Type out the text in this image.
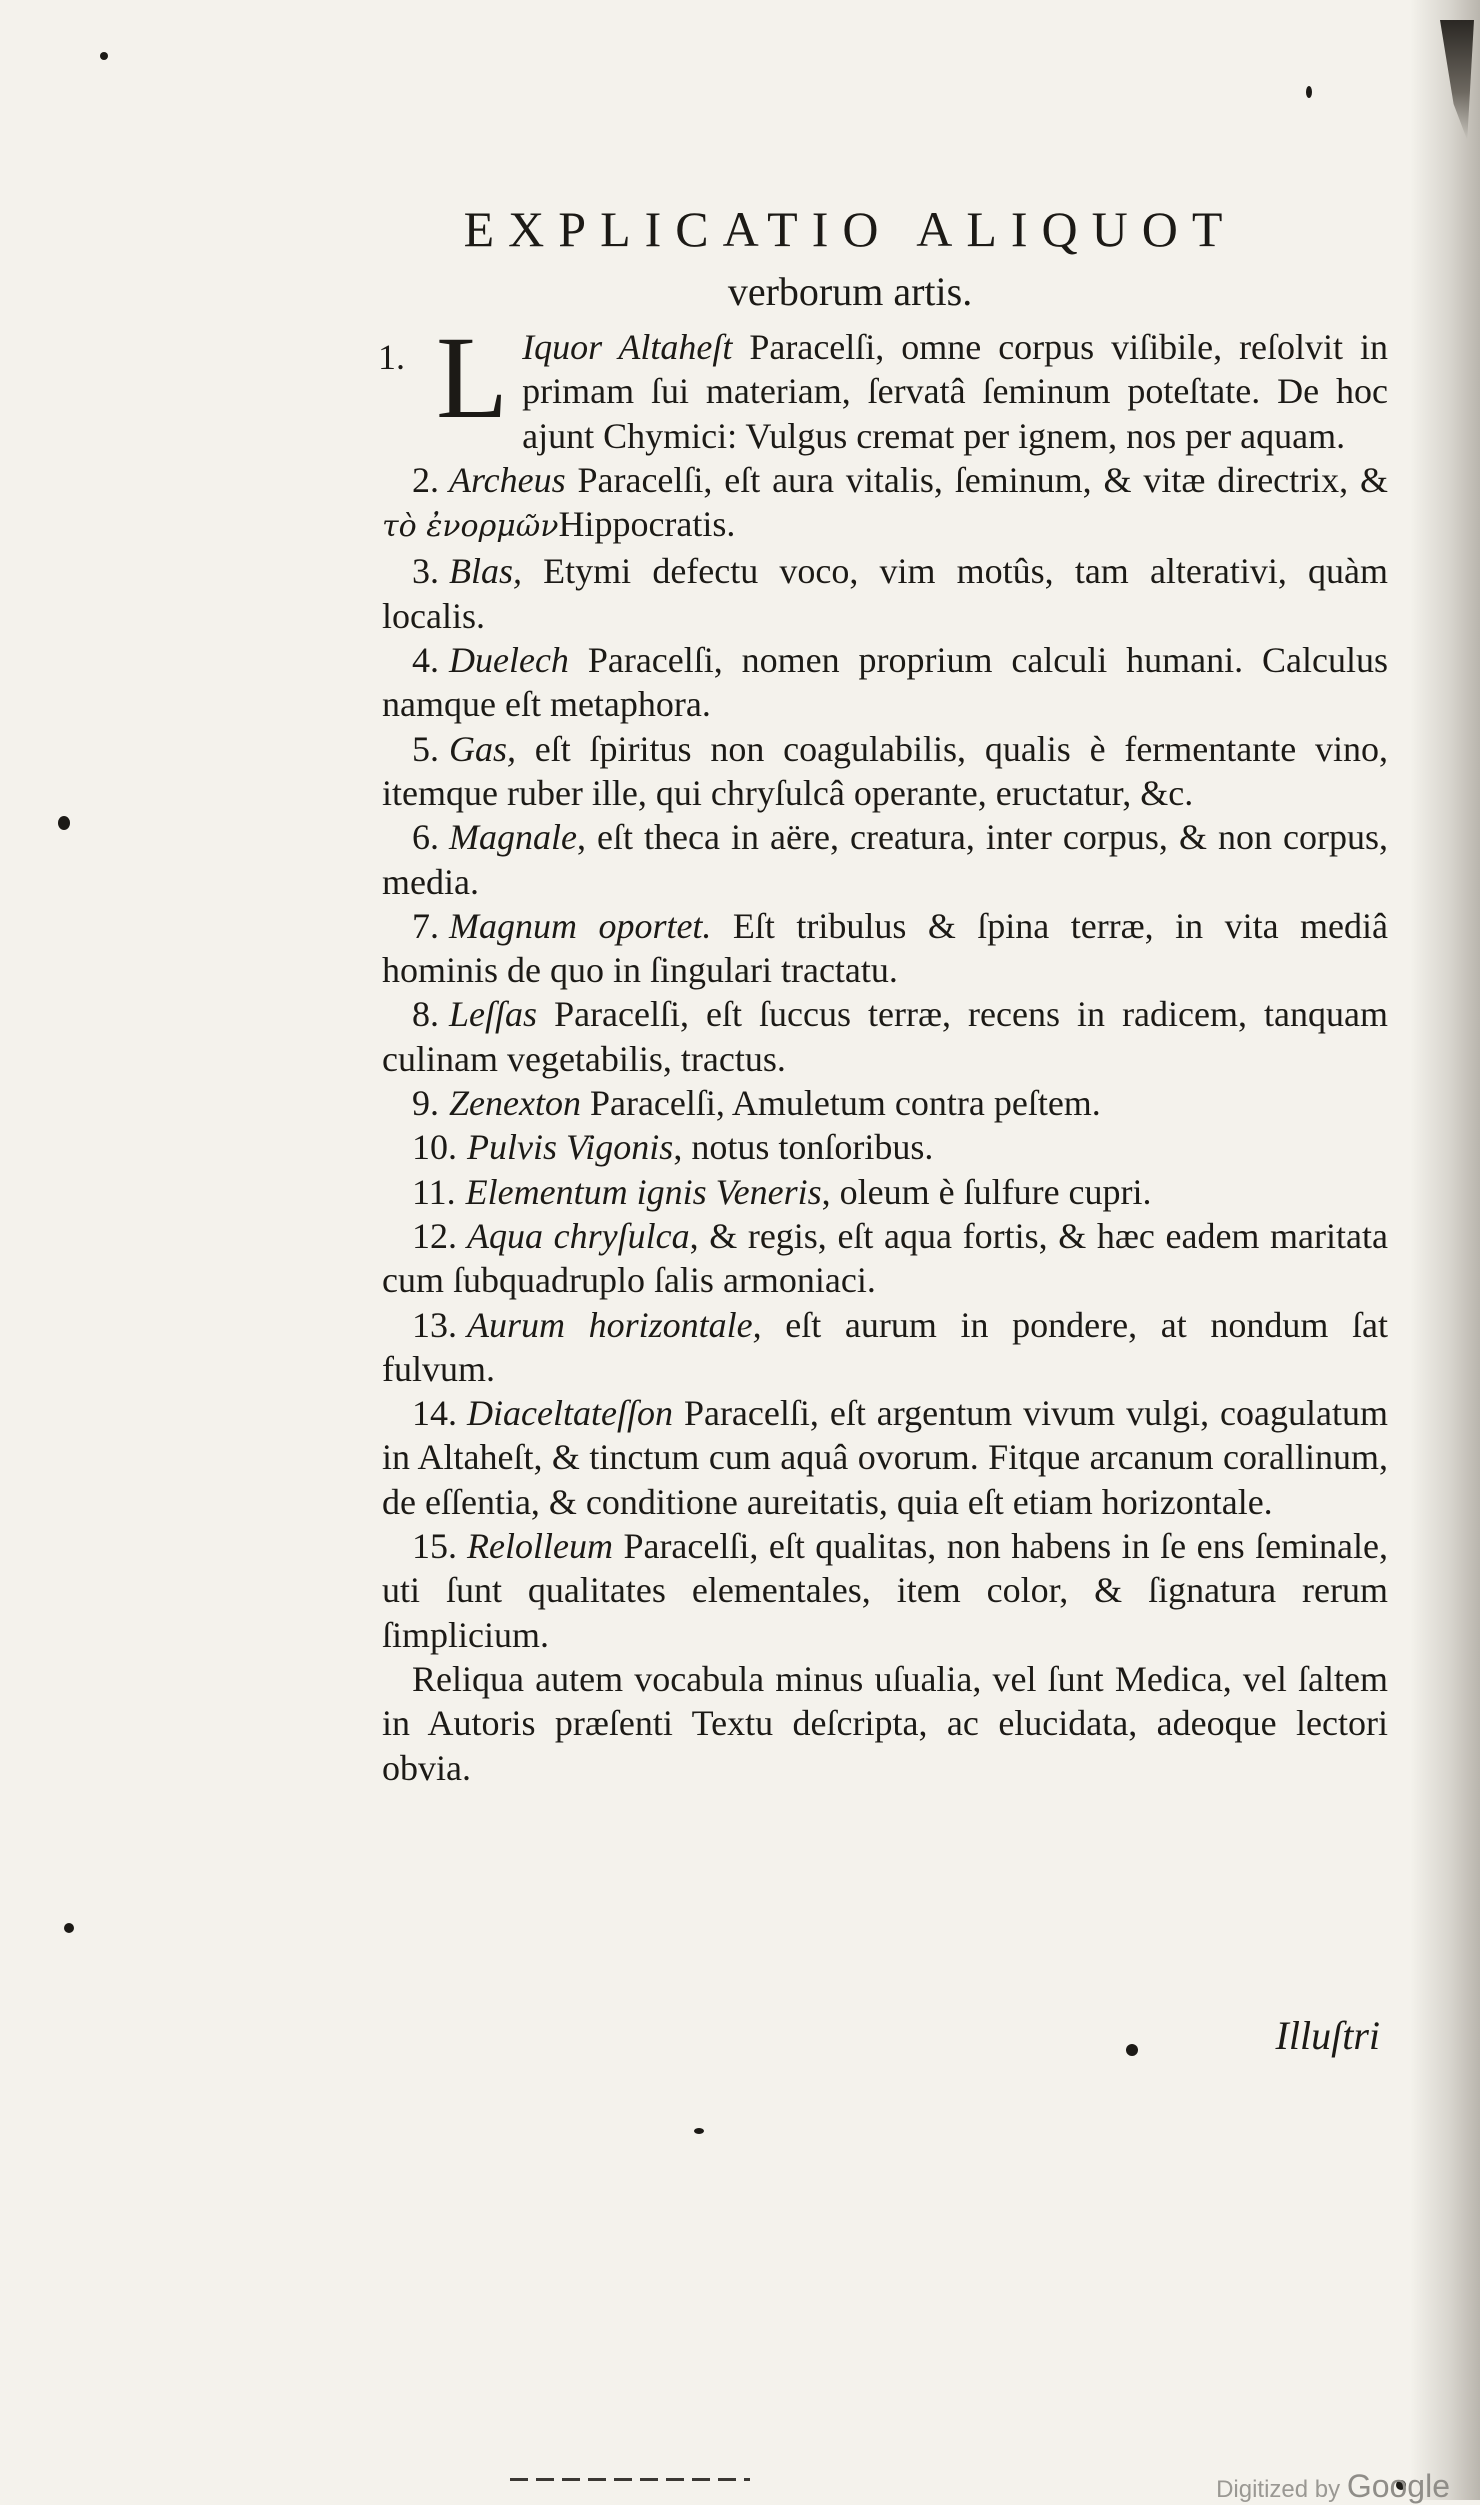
EXPLICATIO ALIQUOT
verborum artis.

1. L Iquor Altaheſt Paracelſi, omne corpus viſibile, reſolvit in primam ſui materiam, ſervatâ ſeminum poteſtate. De hoc ajunt Chymici: Vulgus cremat per ignem, nos per aquam.

2. Archeus Paracelſi, eſt aura vitalis, ſeminum, & vitæ directrix, & τὸ ἐνορμῶνHippocratis.

3. Blas, Etymi defectu voco, vim motûs, tam alterativi, quàm localis.

4. Duelech Paracelſi, nomen proprium calculi humani. Calculus namque eſt metaphora.

5. Gas, eſt ſpiritus non coagulabilis, qualis è fermentante vino, itemque ruber ille, qui chryſulcâ operante, eructatur, &c.

6. Magnale, eſt theca in aëre, creatura, inter corpus, & non corpus, media.

7. Magnum oportet. Eſt tribulus & ſpina terræ, in vita mediâ hominis de quo in ſingulari tractatu.

8. Leſſas Paracelſi, eſt ſuccus terræ, recens in radicem, tanquam culinam vegetabilis, tractus.

9. Zenexton Paracelſi, Amuletum contra peſtem.

10. Pulvis Vigonis, notus tonſoribus.

11. Elementum ignis Veneris, oleum è ſulfure cupri.

12. Aqua chryſulca, & regis, eſt aqua fortis, & hæc eadem maritata cum ſubquadruplo ſalis armoniaci.

13. Aurum horizontale, eſt aurum in pondere, at nondum ſat fulvum.

14. Diaceltateſſon Paracelſi, eſt argentum vivum vulgi, coagulatum in Altaheſt, & tinctum cum aquâ ovorum. Fitque arcanum corallinum, de eſſentia, & conditione aureitatis, quia eſt etiam horizontale.

15. Relolleum Paracelſi, eſt qualitas, non habens in ſe ens ſeminale, uti ſunt qualitates elementales, item color, & ſignatura rerum ſimplicium.

Reliqua autem vocabula minus uſualia, vel ſunt Medica, vel ſaltem in Autoris præſenti Textu deſcripta, ac elucidata, adeoque lectori obvia.

Illuſtri
Digitized by Google
